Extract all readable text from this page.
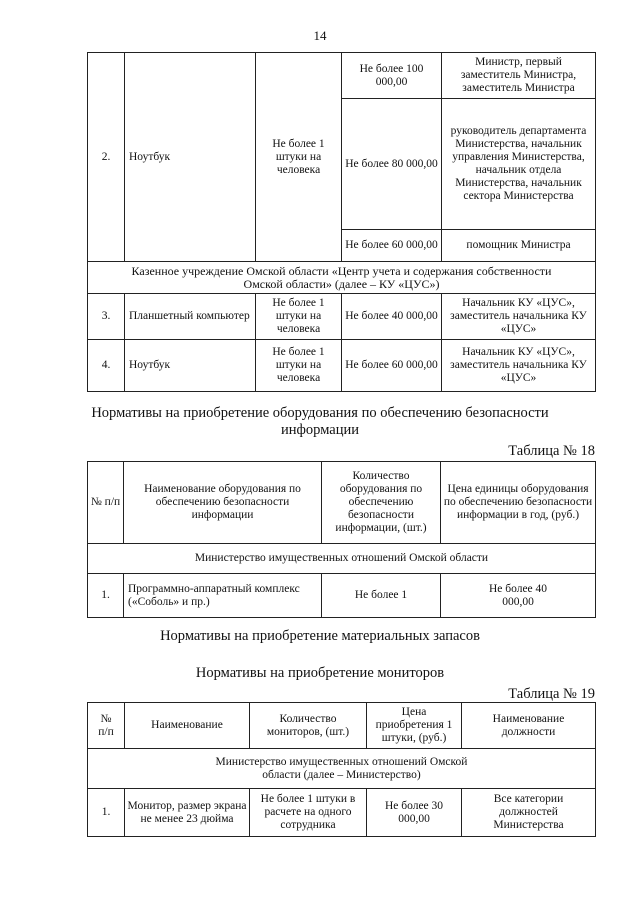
14
2.	Ноутбук	Не более 1 штуки на человека	Не более 100 000,00	Министр, первый заместитель Министра, заместитель Министра
			Не более 80 000,00	руководитель департамента Министерства, начальник управления Министерства, начальник отдела Министерства, начальник сектора Министерства
			Не более 60 000,00	помощник Министра
Казенное учреждение Омской области «Центр учета и содержания собственности Омской области» (далее – КУ «ЦУС»)				
3.	Планшетный компьютер	Не более 1 штуки на человека	Не более 40 000,00	Начальник КУ «ЦУС», заместитель начальника КУ «ЦУС»
4.	Ноутбук	Не более 1 штуки на человека	Не более 60 000,00	Начальник КУ «ЦУС», заместитель начальника КУ «ЦУС»
Нормативы на приобретение оборудования по обеспечению безопасности информации
Таблица № 18
№ п/п	Наименование оборудования по обеспечению безопасности информации	Количество оборудования по обеспечению безопасности информации, (шт.)	Цена единицы оборудования по обеспечению безопасности информации в год, (руб.)
Министерство имущественных отношений Омской области			
1.	Программно-аппаратный комплекс («Соболь» и пр.)	Не более 1	Не более 40 000,00
Нормативы на приобретение материальных запасов
Нормативы на приобретение мониторов
Таблица № 19
№ п/п	Наименование	Количество мониторов, (шт.)	Цена приобретения 1 штуки, (руб.)	Наименование должности
Министерство имущественных отношений Омской области (далее – Министерство)				
1.	Монитор, размер экрана не менее 23 дюйма	Не более 1 штуки в расчете на одного сотрудника	Не более 30 000,00	Все категории должностей Министерства
